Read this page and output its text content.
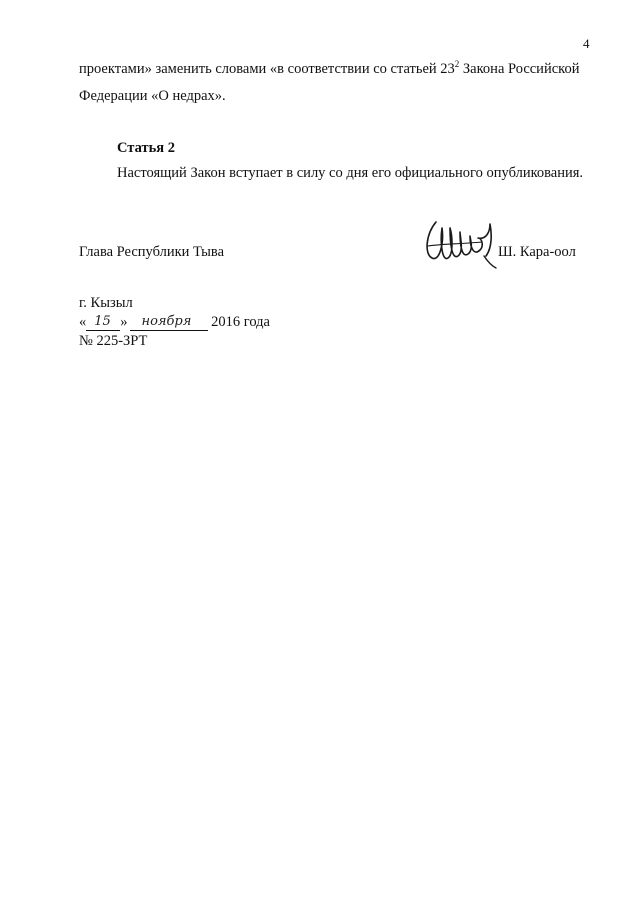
4
проектами» заменить словами «в соответствии со статьей $23^2$ Закона Российской
Федерации «О недрах».
Статья 2
Настоящий Закон вступает в силу со дня его официального опубликования.
Глава Республики Тыва	Ш. Кара-оол
г. Кызыл
« 15 » ноября 2016 года
№ 225-ЗРТ
